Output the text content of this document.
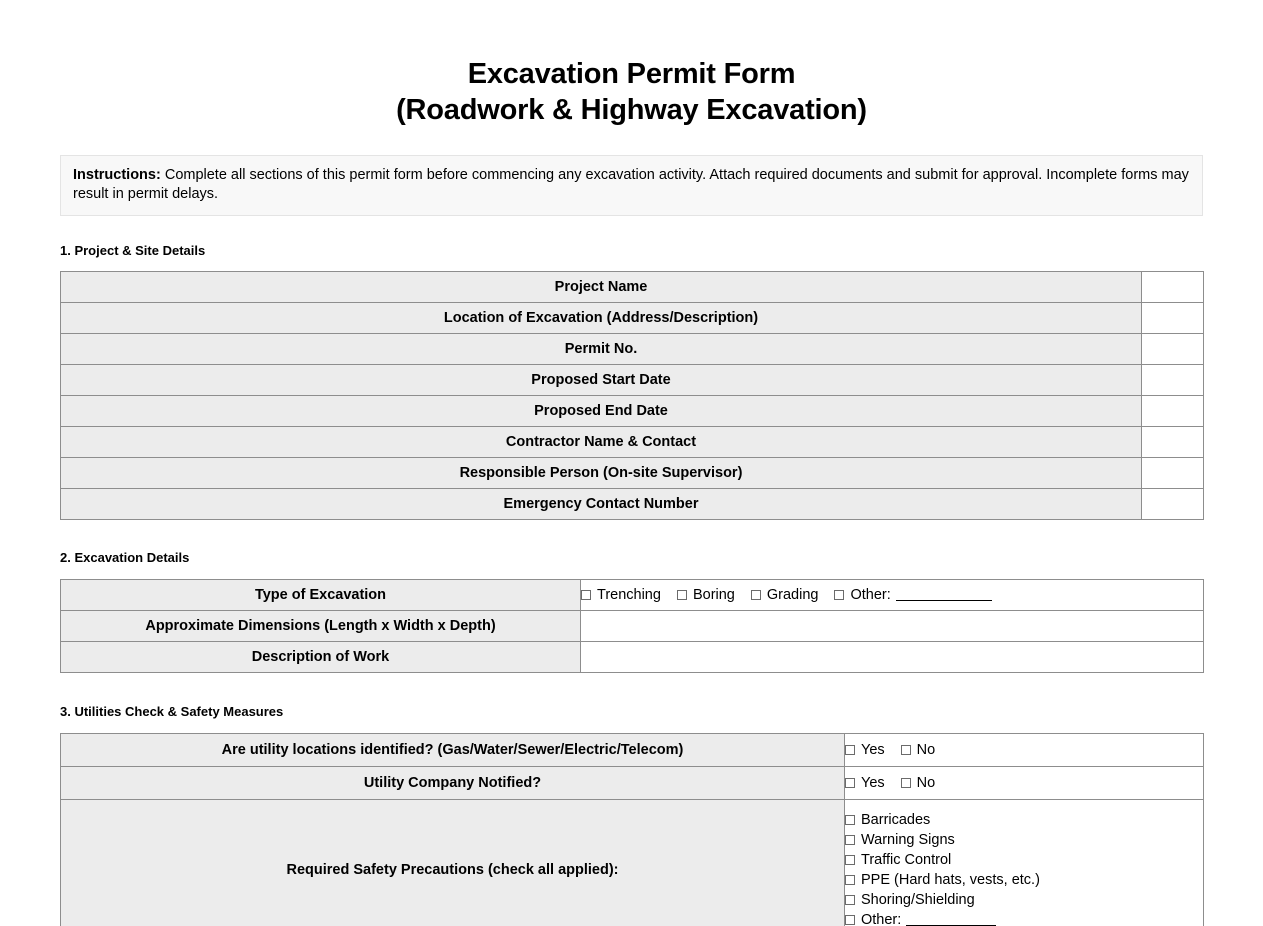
Excavation Permit Form
(Roadwork & Highway Excavation)
Instructions: Complete all sections of this permit form before commencing any excavation activity. Attach required documents and submit for approval. Incomplete forms may result in permit delays.
1. Project & Site Details
Project Name	
Location of Excavation (Address/Description)	
Permit No.	
Proposed Start Date	
Proposed End Date	
Contractor Name & Contact	
Responsible Person (On-site Supervisor)	
Emergency Contact Number	
2. Excavation Details
Type of Excavation	Trenching Boring Grading Other:

Approximate Dimensions (Length x Width x Depth)	
Description of Work	
3. Utilities Check & Safety Measures
Are utility locations identified? (Gas/Water/Sewer/Electric/Telecom)	Yes No

Utility Company Notified?	Yes No

Required Safety Precautions (check all applied):	
Barricades
Warning Signs
Traffic Control
PPE (Hard hats, vests, etc.)
Shoring/Shielding
Other:
